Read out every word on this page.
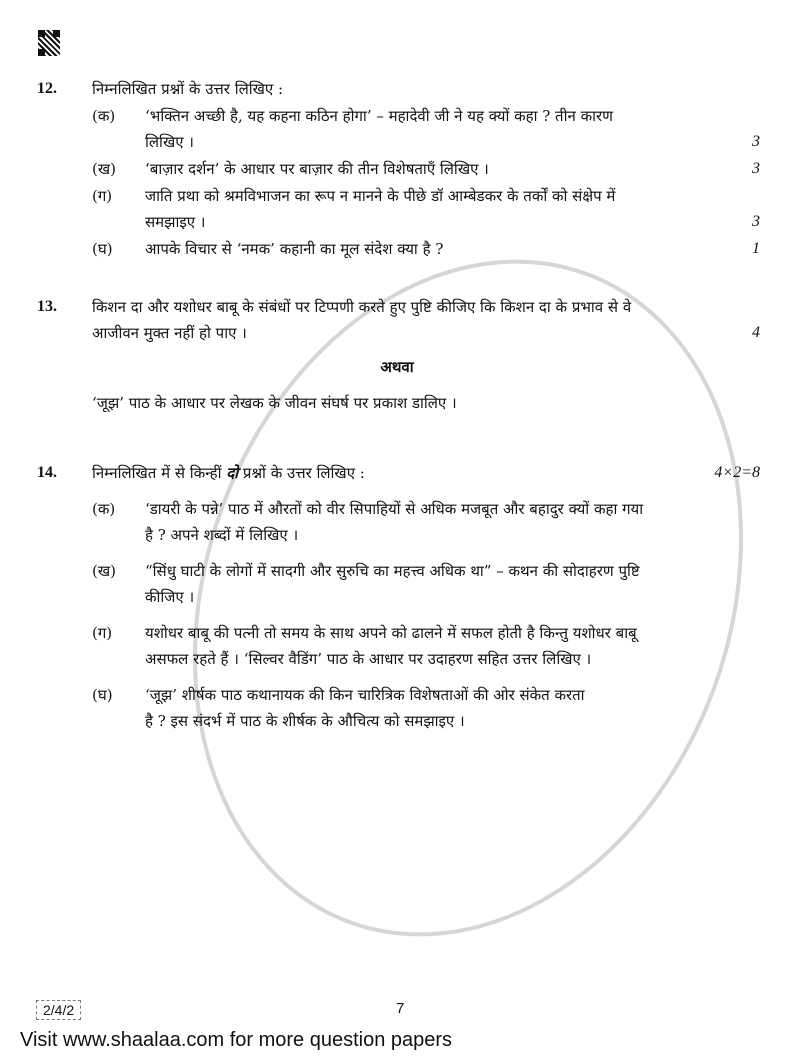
12.	निम्नलिखित प्रश्नों के उत्तर लिखिए :
(क)	‘भक्तिन अच्छी है, यह कहना कठिन होगा’ – महादेवी जी ने यह क्यों कहा ? तीन कारण
लिखिए ।	3
(ख)	‘बाज़ार दर्शन’ के आधार पर बाज़ार की तीन विशेषताएँ लिखिए ।	3
(ग)	जाति प्रथा को श्रमविभाजन का रूप न मानने के पीछे डॉ आम्बेडकर के तर्कों को संक्षेप में
समझाइए ।	3
(घ)	आपके विचार से ‘नमक’ कहानी का मूल संदेश क्या है ?	1
13.	किशन दा और यशोधर बाबू के संबंधों पर टिप्पणी करते हुए पुष्टि कीजिए कि किशन दा के प्रभाव से वे
आजीवन मुक्त नहीं हो पाए ।	4
अथवा
‘जूझ’ पाठ के आधार पर लेखक के जीवन संघर्ष पर प्रकाश डालिए ।
14.	निम्नलिखित में से किन्हीं दो प्रश्नों के उत्तर लिखिए :	4×2=8
(क)	‘डायरी के पन्ने’ पाठ में औरतों को वीर सिपाहियों से अधिक मजबूत और बहादुर क्यों कहा गया
है ? अपने शब्दों में लिखिए ।
(ख)	“सिंधु घाटी के लोगों में सादगी और सुरुचि का महत्त्व अधिक था” – कथन की सोदाहरण पुष्टि
कीजिए ।
(ग)	यशोधर बाबू की पत्नी तो समय के साथ अपने को ढालने में सफल होती है किन्तु यशोधर बाबू
असफल रहते हैं । ‘सिल्वर वैडिंग’ पाठ के आधार पर उदाहरण सहित उत्तर लिखिए ।
(घ)	‘जूझ’ शीर्षक पाठ कथानायक की किन चारित्रिक विशेषताओं की ओर संकेत करता
है ? इस संदर्भ में पाठ के शीर्षक के औचित्य को समझाइए ।
2/4/2	7
Visit www.shaalaa.com for more question papers
